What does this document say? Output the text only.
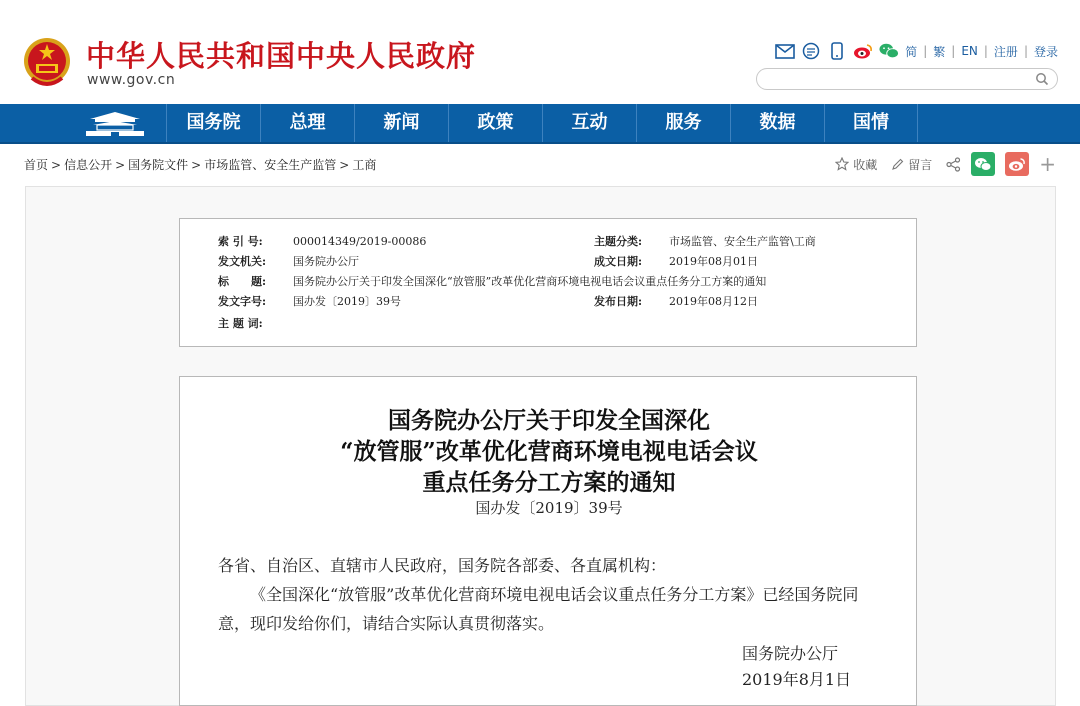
中华人民共和国中央人民政府
www.gov.cn
简 | 繁 | EN | 注册 | 登录
国务院	总理	新闻	政策	互动	服务	数据	国情
首页 > 信息公开 > 国务院文件 > 市场监管、安全生产监管 > 工商	收藏	留言	+
索 引 号:	000014349/2019-00086	主题分类: 市场监管、安全生产监管\工商
发文机关: 国务院办公厅	成文日期: 2019年08月01日
标　　题: 国务院办公厅关于印发全国深化“放管服”改革优化营商环境电视电话会议重点任务分工方案的通知
发文字号: 国办发〔2019〕39号	发布日期: 2019年08月12日
主 题 词:
国务院办公厅关于印发全国深化
“放管服”改革优化营商环境电视电话会议
重点任务分工方案的通知
国办发〔2019〕39号

各省、自治区、直辖市人民政府，国务院各部委、各直属机构：

《全国深化“放管服”改革优化营商环境电视电话会议重点任务分工方案》已经国务院同意，现印发给你们，请结合实际认真贯彻落实。

国务院办公厅
2019年8月1日
